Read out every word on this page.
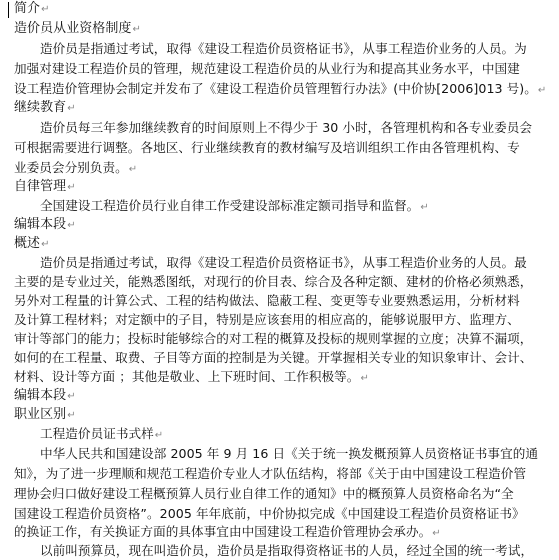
简介↵
造价员从业资格制度↵
造价员是指通过考试，取得《建设工程造价员资格证书》，从事工程造价业务的人员。为
加强对建设工程造价员的管理，规范建设工程造价员的从业行为和提高其业务水平，中国建
设工程造价管理协会制定并发布了《建设工程造价员管理暂行办法》(中价协[2006]013 号)。↵
继续教育↵
造价员每三年参加继续教育的时间原则上不得少于 30 小时，各管理机构和各专业委员会
可根据需要进行调整。各地区、行业继续教育的教材编写及培训组织工作由各管理机构、专
业委员会分别负责。↵
自律管理↵
全国建设工程造价员行业自律工作受建设部标准定额司指导和监督。↵
编辑本段↵
概述↵
造价员是指通过考试，取得《建设工程造价员资格证书》，从事工程造价业务的人员。最
主要的是专业过关，能熟悉图纸，对现行的价目表、综合及各种定额、建材的价格必须熟悉，
另外对工程量的计算公式、工程的结构做法、隐蔽工程、变更等专业要熟悉运用，分析材料
及计算工程材料；对定额中的子目，特别是应该套用的相应高的，能够说服甲方、监理方、
审计等部门的能力；投标时能够综合的对工程的概算及投标的规则掌握的立度；决算不漏项，
如何的在工程量、取费、子目等方面的控制是为关键。开掌握相关专业的知识象审计、会计、
材料、设计等方面 ；其他是敬业、上下班时间、工作积极等。↵
编辑本段↵
职业区别↵
工程造价员证书式样↵
中华人民共和国建设部 2005 年 9 月 16 日《关于统一换发概预算人员资格证书事宜的通
知》，为了进一步理顺和规范工程造价专业人才队伍结构，将部《关于由中国建设工程造价管
理协会归口做好建设工程概预算人员行业自律工作的通知》中的概预算人员资格命名为“全
国建设工程造价员资格”。2005 年年底前，中价协拟完成《中国建设工程造价员资格证书》
的换证工作，有关换证方面的具体事宜由中国建设工程造价管理协会承办。↵
以前叫预算员，现在叫造价员，造价员是指取得资格证书的人员，经过全国的统一考试，
